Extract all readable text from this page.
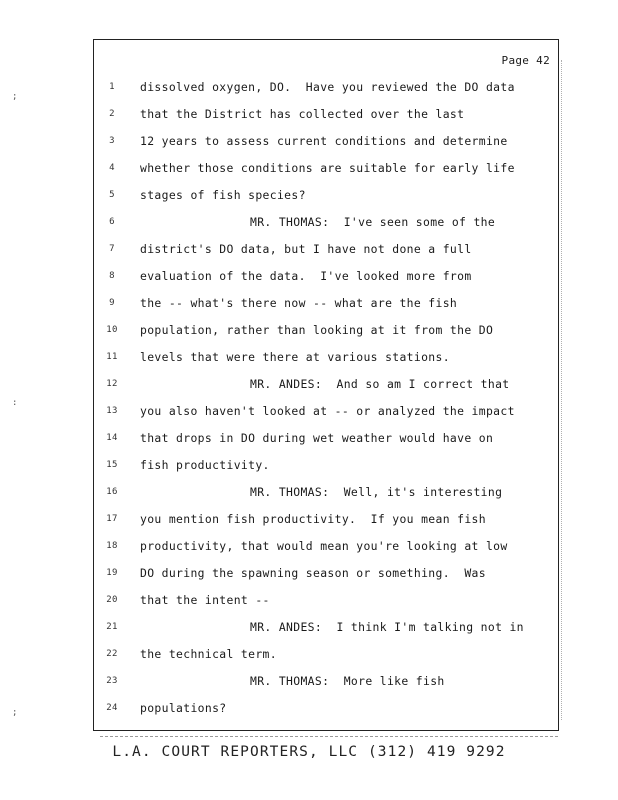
Page 42
1	dissolved oxygen, DO.  Have you reviewed the DO data
2	that the District has collected over the last
3	12 years to assess current conditions and determine
4	whether those conditions are suitable for early life
5	stages of fish species?
6	MR. THOMAS:  I've seen some of the
7	district's DO data, but I have not done a full
8	evaluation of the data.  I've looked more from
9	the -- what's there now -- what are the fish
10	population, rather than looking at it from the DO
11	levels that were there at various stations.
12	MR. ANDES:  And so am I correct that
13	you also haven't looked at -- or analyzed the impact
14	that drops in DO during wet weather would have on
15	fish productivity.
16	MR. THOMAS:  Well, it's interesting
17	you mention fish productivity.  If you mean fish
18	productivity, that would mean you're looking at low
19	DO during the spawning season or something.  Was
20	that the intent --
21	MR. ANDES:  I think I'm talking not in
22	the technical term.
23	MR. THOMAS:  More like fish
24	populations?
;
:
;
L.A. COURT REPORTERS, LLC (312) 419 9292
